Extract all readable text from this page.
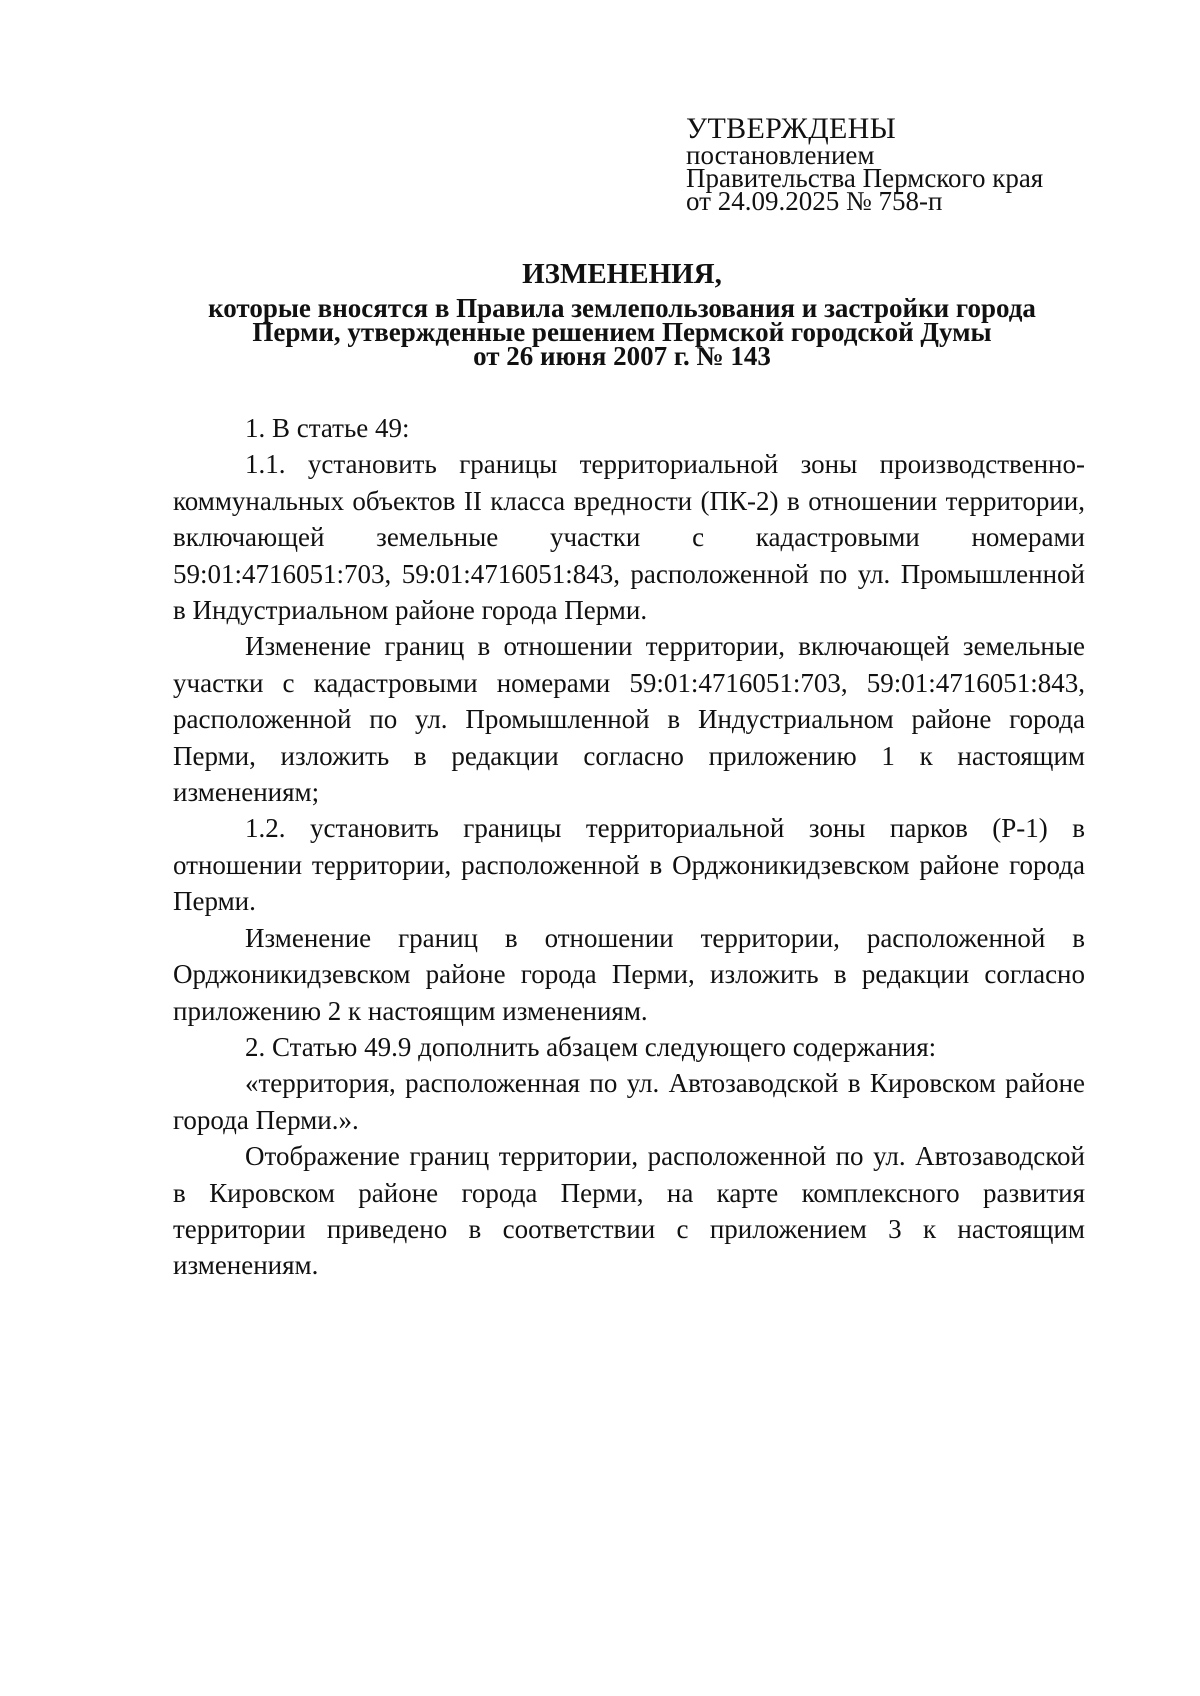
УТВЕРЖДЕНЫ
постановлением
Правительства Пермского края
от 24.09.2025 № 758-п
ИЗМЕНЕНИЯ,
которые вносятся в Правила землепользования и застройки города
Перми, утвержденные решением Пермской городской Думы
от 26 июня 2007 г. № 143

1. В статье 49:

1.1. установить границы территориальной зоны производственно-коммунальных объектов II класса вредности (ПК-2) в отношении территории, включающей земельные участки с кадастровыми номерами 59:01:4716051:703, 59:01:4716051:843, расположенной по ул. Промышленной в Индустриальном районе города Перми.

Изменение границ в отношении территории, включающей земельные участки с кадастровыми номерами 59:01:4716051:703, 59:01:4716051:843, расположенной по ул. Промышленной в Индустриальном районе города Перми, изложить в редакции согласно приложению 1 к настоящим изменениям;

1.2. установить границы территориальной зоны парков (Р-1) в отношении территории, расположенной в Орджоникидзевском районе города Перми.

Изменение границ в отношении территории, расположенной в Орджоникидзевском районе города Перми, изложить в редакции согласно приложению 2 к настоящим изменениям.

2. Статью 49.9 дополнить абзацем следующего содержания:

«территория, расположенная по ул. Автозаводской в Кировском районе города Перми.».

Отображение границ территории, расположенной по ул. Автозаводской в Кировском районе города Перми, на карте комплексного развития территории приведено в соответствии с приложением 3 к настоящим изменениям.
